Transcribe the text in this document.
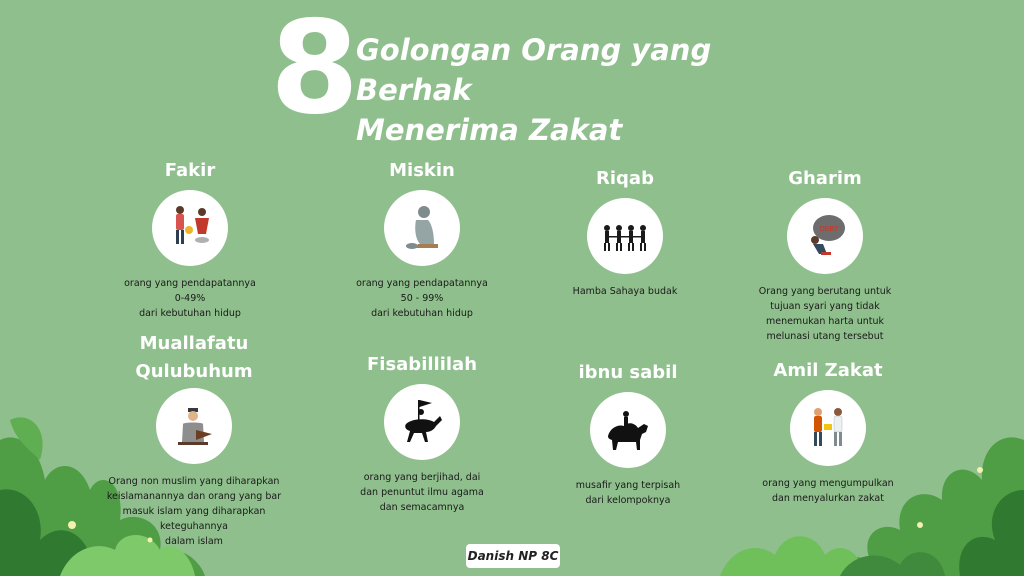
8
Golongan Orang yang Berhak
Menerima Zakat
Fakir
orang yang pendapatannya
0-49%
dari kebutuhan hidup
Miskin
orang yang pendapatannya
50 - 99%
dari kebutuhan hidup
Riqab
Hamba Sahaya budak
Gharim
DEBT
Orang yang berutang untuk
tujuan syari yang tidak
menemukan harta untuk
melunasi utang tersebut
Muallafatu
Qulubuhum
Orang non muslim yang diharapkan
keislamanannya dan orang yang bar
masuk islam yang diharapkan
keteguhannya
dalam islam
Fisabillilah
orang yang berjihad, dai
dan penuntut ilmu agama
dan semacamnya
ibnu sabil
musafir yang terpisah
dari kelompoknya
Amil Zakat
orang yang mengumpulkan
dan menyalurkan zakat
Danish NP 8C
